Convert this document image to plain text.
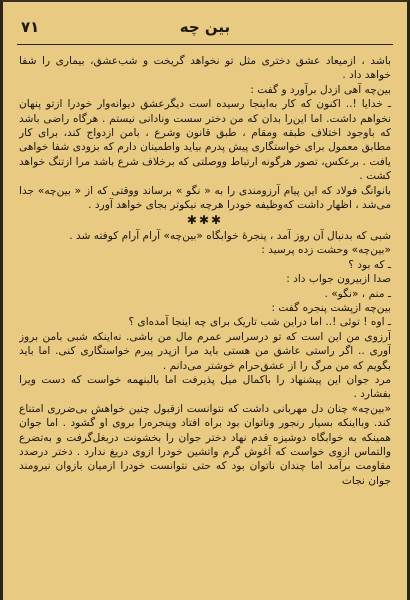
بین چه
۷۱

باشد ، ازمیعاد عشق دختری مثل تو نخواهد گریخت و شب‌عشق، بیماری را شفا خواهد داد .

بین‌چه آهی ازدل برآورد و گفت :

ـ خدایا !.. اکنون که کار به‌اینجا رسیده است دیگرعشق دیوانه‌وار خودرا ازتو پنهان نخواهم داشت. اما این‌را بدان که من دختر سست ونادانی نیستم . هرگاه راضی باشد که باوجود اختلاف طبقه ومقام ، طبق قانون وشرع ، بامن ازدواج کند، برای کار مطابق معمول برای خواستگاری پیش پدرم بیاید واطمینان دارم که بزودی شفا خواهی یافت . برعکس، تصور هرگونه ارتباط ووصلتی که برخلاف شرع باشد مرا ازتنگ خواهد کشت .

بانوانگ فولاد که این پیام آرزومندی را به « نگو » برساند ووقتی که از « بین‌چه» جدا می‌شد ، اظهار داشت که‌وظیفه خودرا هرچه نیکوتر بجای خواهد آورد .

✱✱✱

شبی که بدنبال آن روز آمد ، پنجرهٔ خوابگاه «بین‌چه» آرام آرام کوفته شد .

«بین‌چه» وحشت زده پرسید :

ـ که بود ؟

صدا ازبیرون جواب داد :

ـ منم ، «نگو» .

بین‌چه ازپشت پنجره گفت :

ـ اوه ! توئی !.. اما دراین شب تاریک برای چه اینجا آمده‌ای ؟

آرزوی من این است که تو درسراسر عمرم مال من باشی. نه‌اینکه شبی بامن بروز آوری .. اگر راستی عاشق من هستی باید مرا ازپدر پیرم خواستگاری کنی. اما باید بگویم که من مرگ را از عشق‌حرام خوشتر می‌دانم .

مرد جوان این پیشنهاد را باکمال میل پذیرفت اما بالبنهمه خواست که دست ویرا بفشارد .

«بین‌چه» چنان دل مهربانی داشت که نتوانست ازقبول چنین خواهش بی‌ضرری امتناع کند. وبااینکه بسیار رنجور وناتوان بود براه افتاد وپنجره‌را بروی او گشود . اما جوان همینکه به خوابگاه دوشیزه قدم نهاد دختر جوان را بخشونت دربغل‌گرفت و به‌تضرع والتماس ازوی خواست که آغوش گرم واتشین خودرا ازوی دریغ ندارد . دختر درصدد مقاومت برآمد اما چندان ناتوان بود که حتی نتوانست خودرا ازمیان بازوان نیرومند جوان نجات
